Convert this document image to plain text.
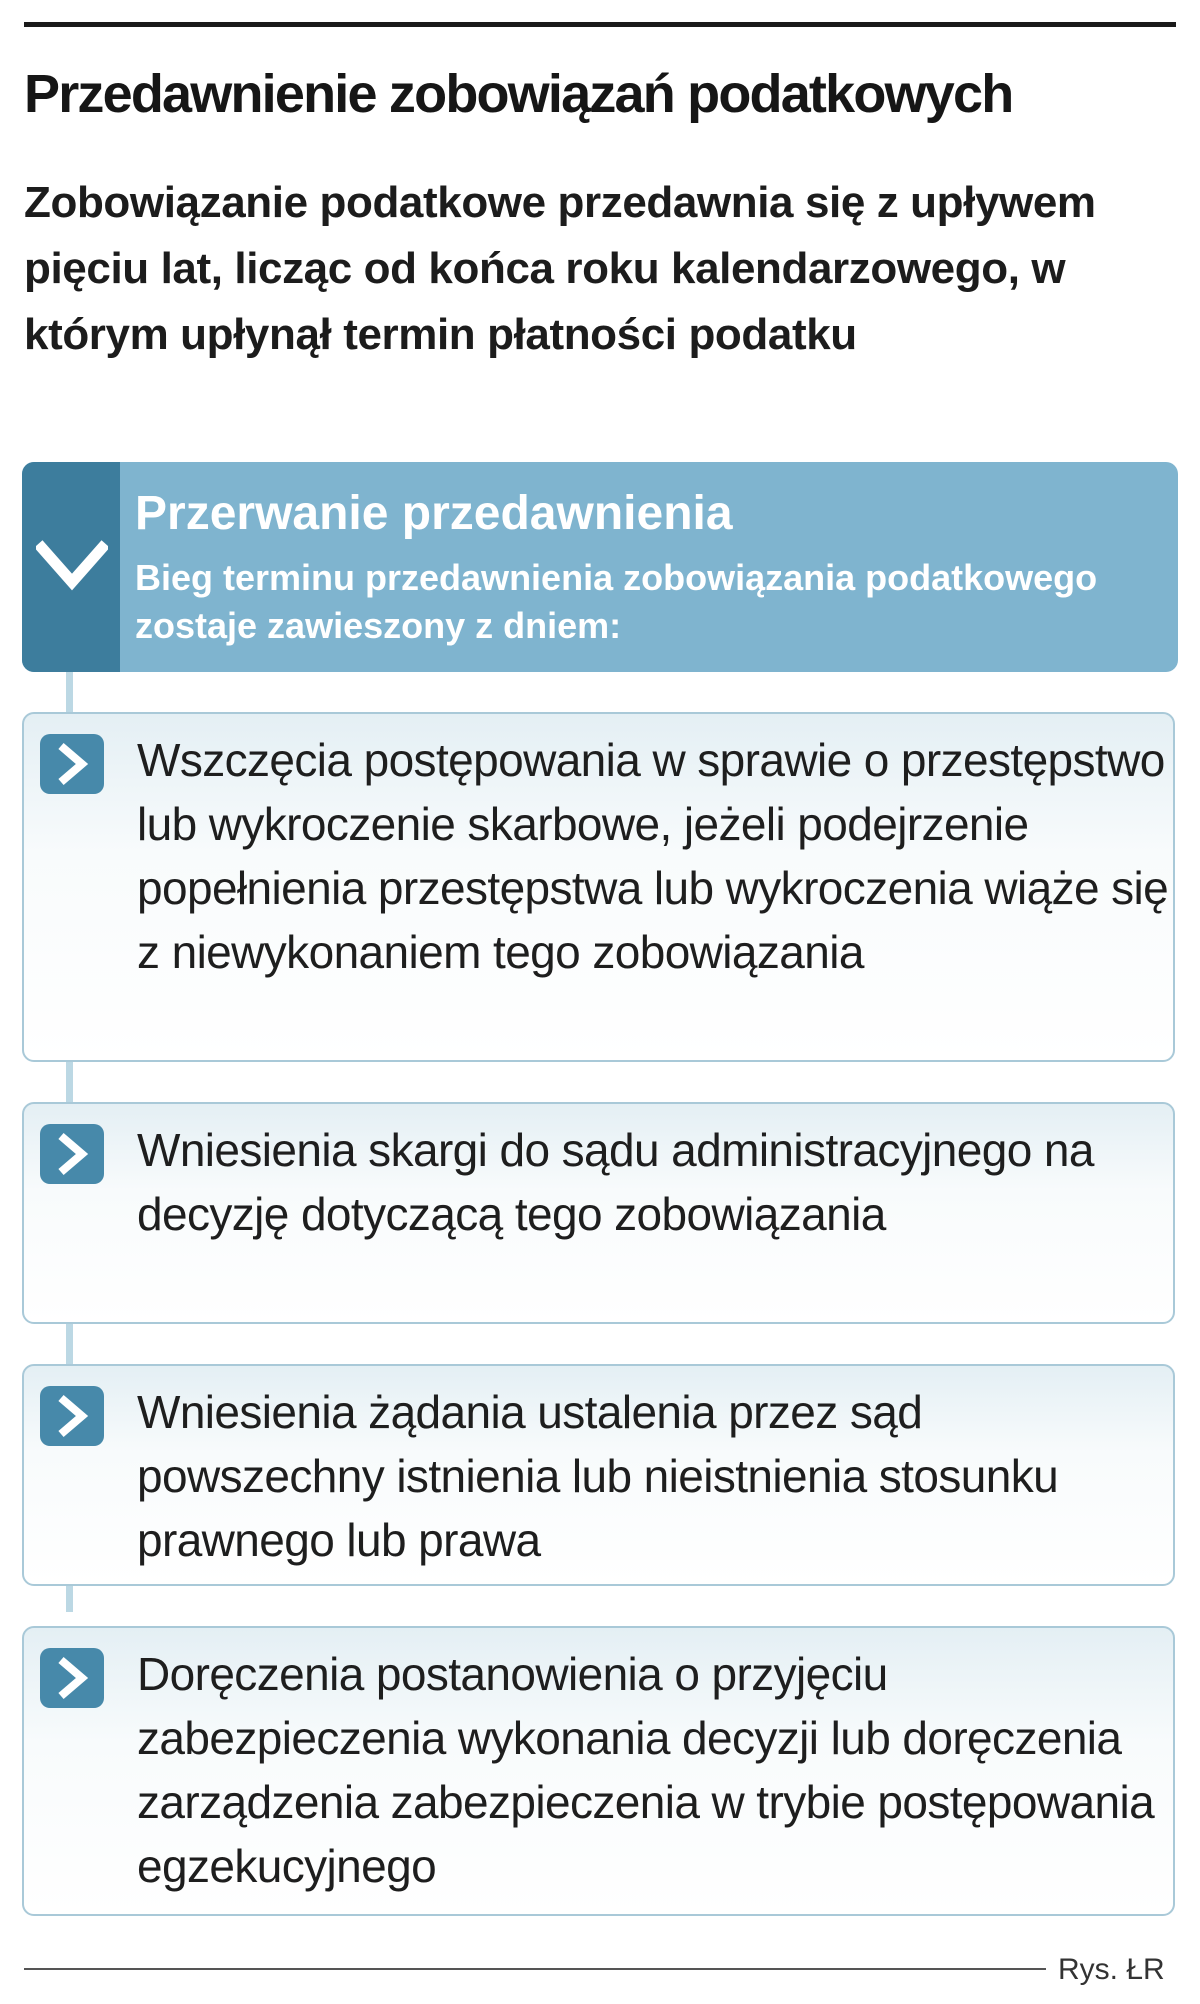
Przedawnienie zobowiązań podatkowych

Zobowiązanie podatkowe przedawnia się z upływem pięciu lat, licząc od końca roku kalendarzowego, w którym upłynął termin płatności podatku

Przerwanie przedawnienia

Bieg terminu przedawnienia zobowiązania podatkowego zostaje zawieszony z dniem:

Wszczęcia postępowania w sprawie o przestępstwo lub wykroczenie skarbowe, jeżeli podejrzenie popełnienia przestępstwa lub wykroczenia wiąże się z niewykonaniem tego zobowiązania

Wniesienia skargi do sądu administracyjnego na decyzję dotyczącą tego zobowiązania

Wniesienia żądania ustalenia przez sąd powszechny istnienia lub nieistnienia stosunku prawnego lub prawa

Doręczenia postanowienia o przyjęciu zabezpieczenia wykonania decyzji lub doręczenia zarządzenia zabezpieczenia w trybie postępowania egzekucyjnego

Rys. ŁR
